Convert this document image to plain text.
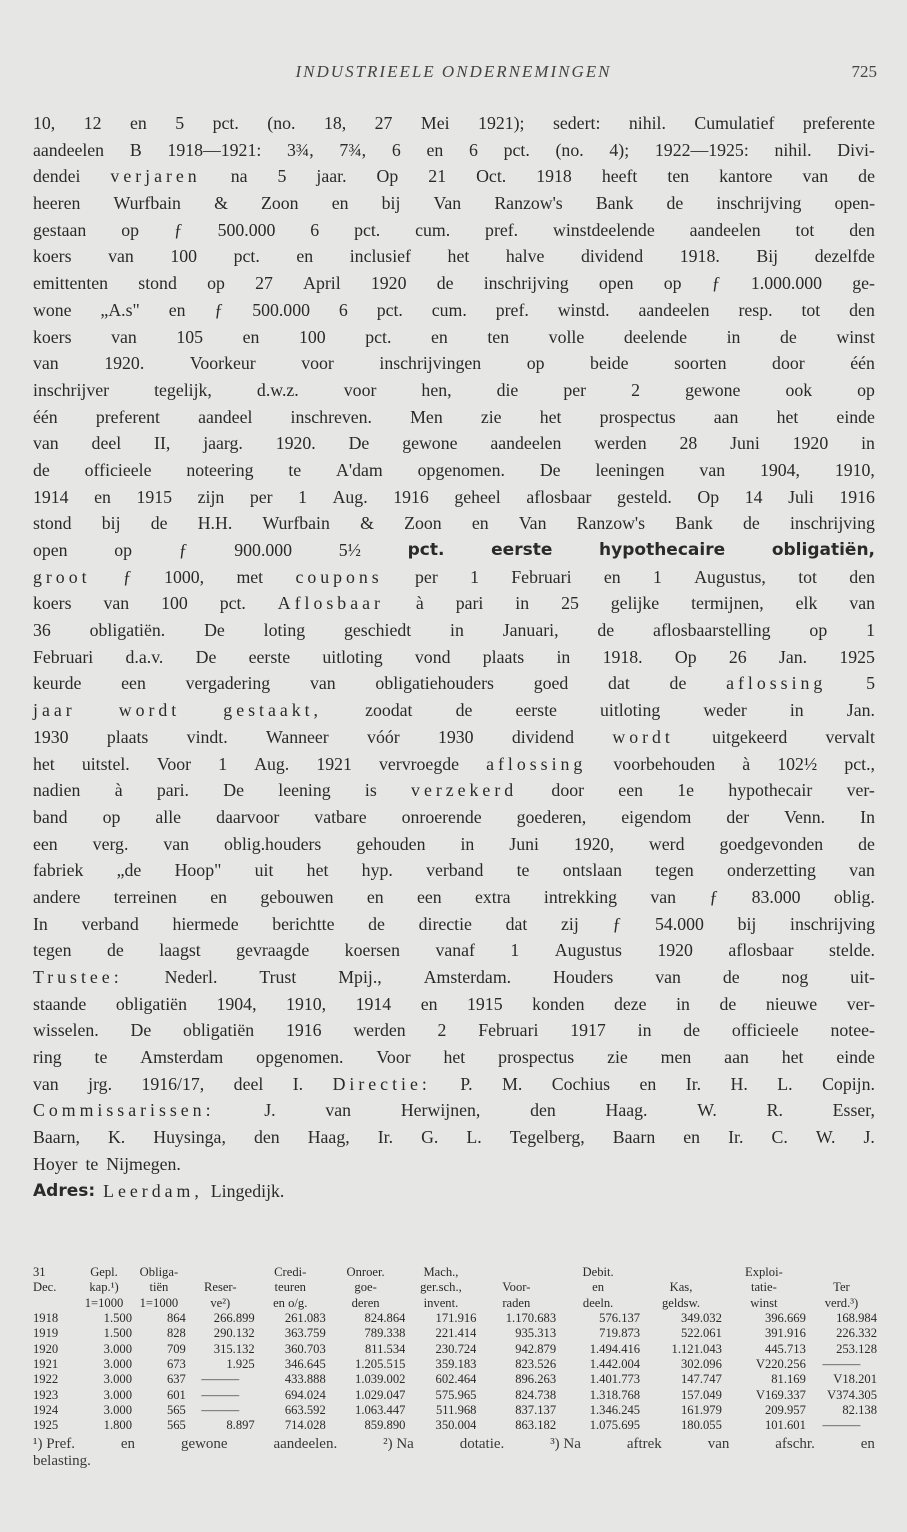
INDUSTRIEELE ONDERNEMINGEN	725
10, 12 en 5 pct. (no. 18, 27 Mei 1921); sedert: nihil. Cumulatief preferente
aandeelen B 1918—1921: 3¾, 7¾, 6 en 6 pct. (no. 4); 1922—1925: nihil. Divi-
dendei verjaren na 5 jaar. Op 21 Oct. 1918 heeft ten kantore van de
heeren Wurfbain & Zoon en bij Van Ranzow's Bank de inschrijving open-
gestaan op ƒ 500.000 6 pct. cum. pref. winstdeelende aandeelen tot den
koers van 100 pct. en inclusief het halve dividend 1918. Bij dezelfde
emittenten stond op 27 April 1920 de inschrijving open op ƒ 1.000.000 ge-
wone „A.s" en ƒ 500.000 6 pct. cum. pref. winstd. aandeelen resp. tot den
koers van 105 en 100 pct. en ten volle deelende in de winst
van	1920.	Voorkeur	voor	inschrijvingen	op	beide	soorten	door	één
inschrijver	tegelijk,	d.w.z.	voor	hen,	die	per	2	gewone	ook	op
één preferent aandeel inschreven. Men zie het prospectus aan het einde
van deel II, jaarg. 1920. De gewone aandeelen werden 28 Juni 1920 in
de officieele noteering te A'dam opgenomen. De leeningen van 1904, 1910,
1914 en 1915 zijn per 1 Aug. 1916 geheel aflosbaar gesteld. Op 14 Juli 1916
stond bij de H.H. Wurfbain & Zoon en Van Ranzow's Bank de inschrijving
open	op	ƒ	900.000	5½	pct.	eerste	hypothecaire	obligatiën,
groot ƒ 1000, met coupons per 1 Februari en 1 Augustus, tot den
koers van 100 pct. Aflosbaar à pari in 25 gelijke termijnen, elk van
36 obligatiën. De loting geschiedt in Januari, de aflosbaarstelling op 1
Februari d.a.v. De eerste uitloting vond plaats in 1918. Op 26 Jan. 1925
keurde een vergadering van obligatiehouders goed dat de aflossing 5
jaar wordt gestaakt, zoodat de eerste uitloting weder in Jan.
1930 plaats vindt. Wanneer vóór 1930 dividend wordt uitgekeerd vervalt
het uitstel. Voor 1 Aug. 1921 vervroegde aflossing voorbehouden à 102½ pct.,
nadien à pari. De leening is verzekerd door een 1e hypothecair ver-
band op alle daarvoor vatbare onroerende goederen, eigendom der Venn. In
een verg. van oblig.houders gehouden in Juni 1920, werd goedgevonden de
fabriek „de Hoop" uit het hyp. verband te ontslaan tegen onderzetting van
andere terreinen en gebouwen en een extra intrekking van ƒ 83.000 oblig.
In verband hiermede berichtte de directie dat zij ƒ 54.000 bij inschrijving
tegen de laagst gevraagde koersen vanaf 1 Augustus 1920 aflosbaar stelde.
Trustee: Nederl. Trust Mpij., Amsterdam. Houders van de nog uit-
staande obligatiën 1904, 1910, 1914 en 1915 konden deze in de nieuwe ver-
wisselen. De obligatiën 1916 werden 2 Februari 1917 in de officieele notee-
ring te Amsterdam opgenomen. Voor het prospectus zie men aan het einde
van jrg. 1916/17, deel I. Directie: P. M. Cochius en Ir. H. L. Copijn.
Commissarissen:	J.	van	Herwijnen,	den	Haag.	W.	R.	Esser,
Baarn, K. Huysinga, den Haag, Ir. G. L. Tegelberg, Baarn en Ir. C. W. J.
Hoyer te Nijmegen.
Adres: Leerdam, Lingedijk.
31	Gepl.	Obliga-		Credi-	Onroer.	Mach.,		Debit.		Exploi-	
Dec.	kap.¹)	tiën	Reser-	teuren	goe-	ger.sch.,	Voor-	en	Kas,	tatie-	Ter
	1=1000	1=1000	ve²)	en o/g.	deren	invent.	raden	deeln.	geldsw.	winst	verd.³)
1918	1.500	864	266.899	261.083	824.864	171.916	1.170.683	576.137	349.032	396.669	168.984
1919	1.500	828	290.132	363.759	789.338	221.414	935.313	719.873	522.061	391.916	226.332
1920	3.000	709	315.132	360.703	811.534	230.724	942.879	1.494.416	1.121.043	445.713	253.128
1921	3.000	673	1.925	346.645	1.205.515	359.183	823.526	1.442.004	302.096	V220.256	———
1922	3.000	637	———	433.888	1.039.002	602.464	896.263	1.401.773	147.747	81.169	V18.201
1923	3.000	601	———	694.024	1.029.047	575.965	824.738	1.318.768	157.049	V169.337	V374.305
1924	3.000	565	———	663.592	1.063.447	511.968	837.137	1.346.245	161.979	209.957	82.138
1925	1.800	565	8.897	714.028	859.890	350.004	863.182	1.075.695	180.055	101.601	———
¹) Pref.	en	gewone	aandeelen.	²) Na	dotatie.	³) Na	aftrek	van	afschr.	en
belasting.
